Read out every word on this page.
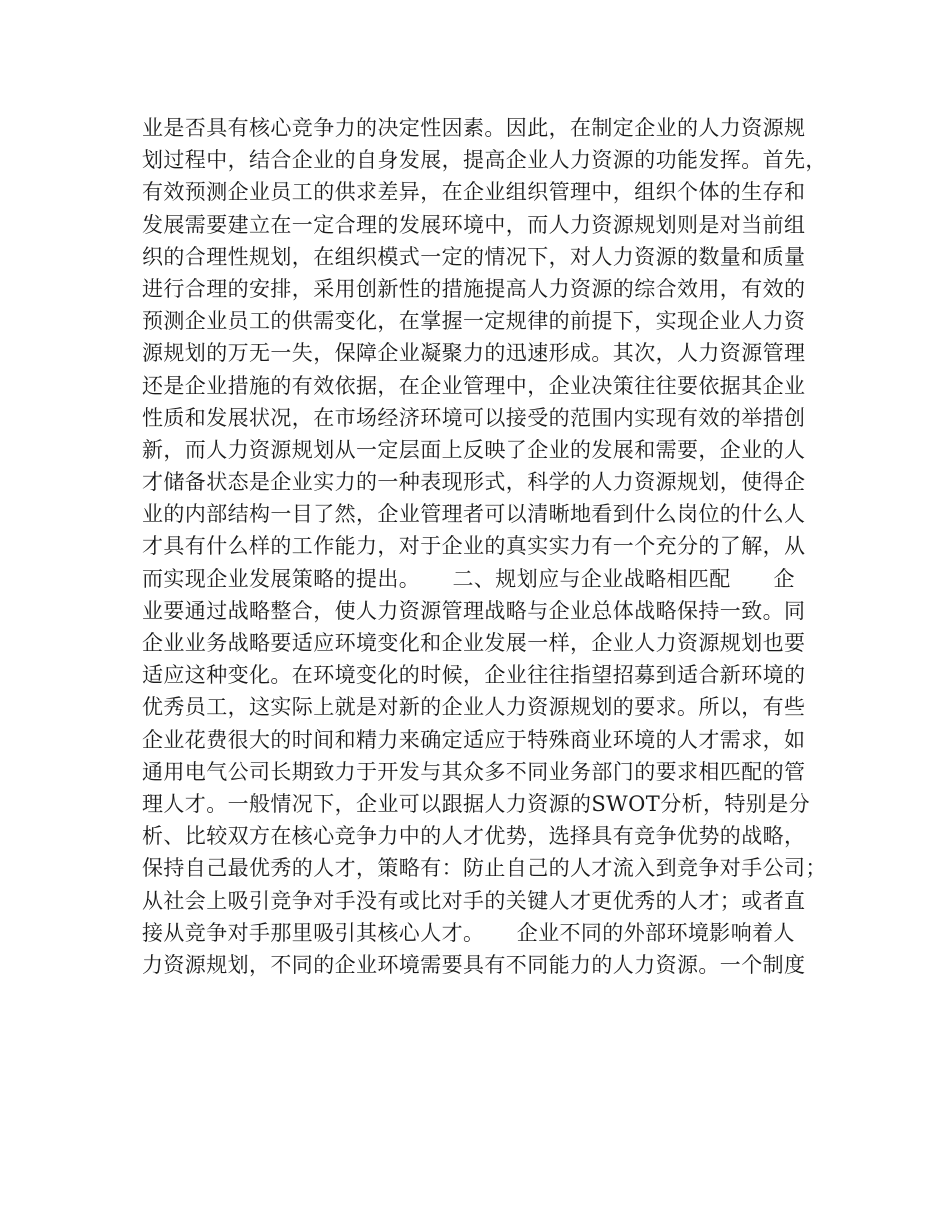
业是否具有核心竞争力的决定性因素。因此，在制定企业的人力资源规
划过程中，结合企业的自身发展，提高企业人力资源的功能发挥。首先，
有效预测企业员工的供求差异，在企业组织管理中，组织个体的生存和
发展需要建立在一定合理的发展环境中，而人力资源规划则是对当前组
织的合理性规划，在组织模式一定的情况下，对人力资源的数量和质量
进行合理的安排，采用创新性的措施提高人力资源的综合效用，有效的
预测企业员工的供需变化，在掌握一定规律的前提下，实现企业人力资
源规划的万无一失，保障企业凝聚力的迅速形成。其次，人力资源管理
还是企业措施的有效依据，在企业管理中，企业决策往往要依据其企业
性质和发展状况，在市场经济环境可以接受的范围内实现有效的举措创
新，而人力资源规划从一定层面上反映了企业的发展和需要，企业的人
才储备状态是企业实力的一种表现形式，科学的人力资源规划，使得企
业的内部结构一目了然，企业管理者可以清晰地看到什么岗位的什么人
才具有什么样的工作能力，对于企业的真实实力有一个充分的了解，从
而实现企业发展策略的提出。　　二、规划应与企业战略相匹配　　企
业要通过战略整合，使人力资源管理战略与企业总体战略保持一致。同
企业业务战略要适应环境变化和企业发展一样，企业人力资源规划也要
适应这种变化。在环境变化的时候，企业往往指望招募到适合新环境的
优秀员工，这实际上就是对新的企业人力资源规划的要求。所以，有些
企业花费很大的时间和精力来确定适应于特殊商业环境的人才需求，如
通用电气公司长期致力于开发与其众多不同业务部门的要求相匹配的管
理人才。一般情况下，企业可以跟据人力资源的SWOT分析，特别是分
析、比较双方在核心竞争力中的人才优势，选择具有竞争优势的战略，
保持自己最优秀的人才，策略有：防止自己的人才流入到竞争对手公司；
从社会上吸引竞争对手没有或比对手的关键人才更优秀的人才；或者直
接从竞争对手那里吸引其核心人才。　　企业不同的外部环境影响着人
力资源规划，不同的企业环境需要具有不同能力的人力资源。一个制度
